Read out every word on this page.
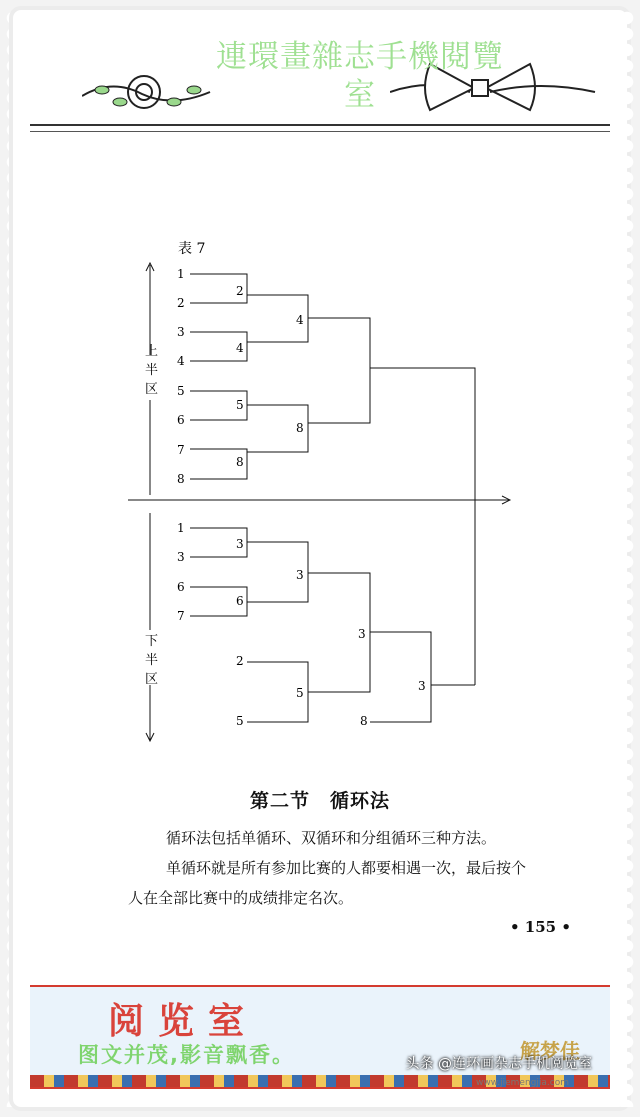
連環畫雜志手機閱覽室
表 7
上
半
区
下
半
区
1
2
3
4
5
6
7
8
2
4
5
8
4
8
1
3
6
7
3
6
3
2
5
5
3
8
3
第二节　循环法
循环法包括单循环、双循环和分组循环三种方法。
单循环就是所有参加比赛的人都要相遇一次，最后按个
人在全部比赛中的成绩排定名次。
• 155 •
阅览室
图文并茂,影音飘香。	解梦佳
头条 @连环画杂志手机阅览室
www.jiemengjia.com
